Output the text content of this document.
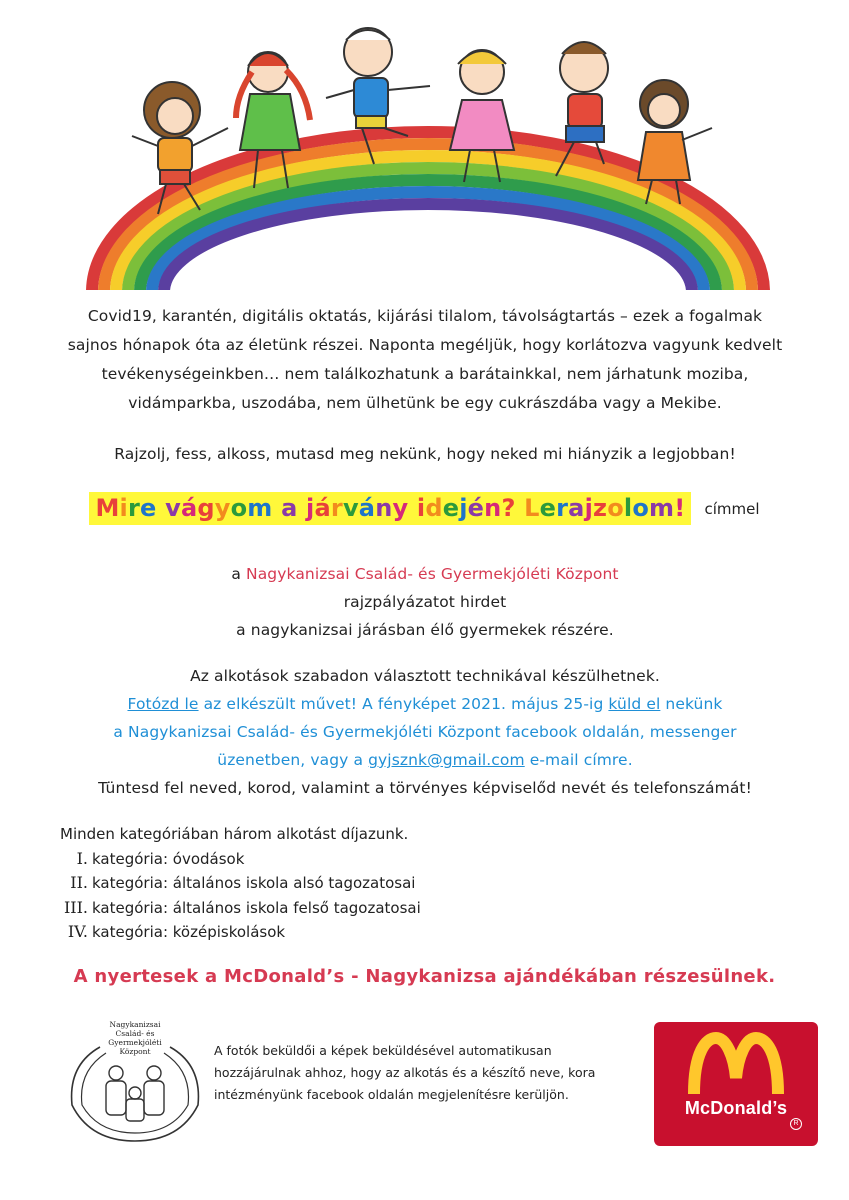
Covid19, karantén, digitális oktatás, kijárási tilalom, távolságtartás – ezek a fogalmak

sajnos hónapok óta az életünk részei. Naponta megéljük, hogy korlátozva vagyunk kedvelt

tevékenységeinkben… nem találkozhatunk a barátainkkal, nem járhatunk moziba,

vidámparkba, uszodába, nem ülhetünk be egy cukrászdába vagy a Mekibe.

Rajzolj, fess, alkoss, mutasd meg nekünk, hogy neked mi hiányzik a legjobban!
Mire vágyom a járvány idején? Lerajzolom! címmel

a Nagykanizsai Család- és Gyermekjóléti Központ

rajzpályázatot hirdet

a nagykanizsai járásban élő gyermekek részére.

Az alkotások szabadon választott technikával készülhetnek.

Fotózd le az elkészült művet! A fényképet 2021. május 25-ig küld el nekünk

a Nagykanizsai Család- és Gyermekjóléti Központ facebook oldalán, messenger

üzenetben, vagy a gyjsznk@gmail.com e-mail címre.

Tüntesd fel neved, korod, valamint a törvényes képviselőd nevét és telefonszámát!

Minden kategóriában három alkotást díjazunk.

I. kategória: óvodások
II. kategória: általános iskola alsó tagozatosai
III. kategória: általános iskola felső tagozatosai
IV. kategória: középiskolások
A nyertesek a McDonald’s - Nagykanizsa ajándékában részesülnek.
Nagykanizsai
Család- és
Gyermekjóléti
Központ	A fotók beküldői a képek beküldésével automatikusan

hozzájárulnak ahhoz, hogy az alkotás és a készítő neve, kora

intézményünk facebook oldalán megjelenítésre kerüljön.

McDonald’s
R
